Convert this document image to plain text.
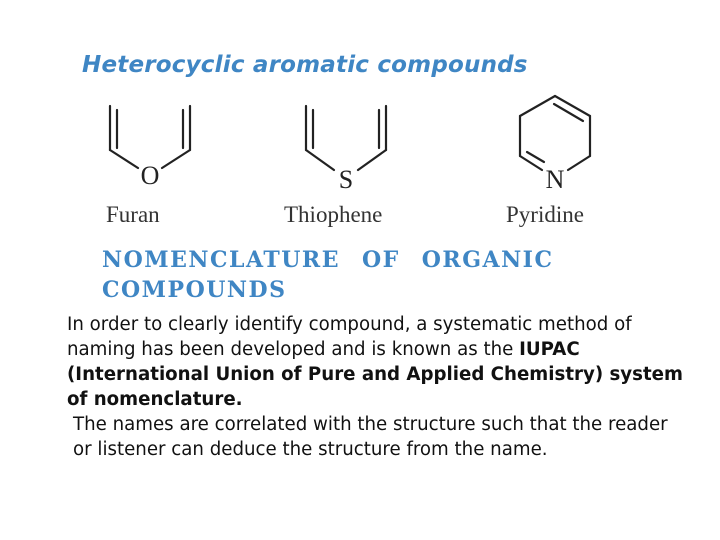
Heterocyclic aromatic compounds
O	S	N
Furan	Thiophene	Pyridine
NOMENCLATURE OF ORGANIC
COMPOUNDS
In order to clearly identify compound, a systematic method of naming has been developed and is known as the IUPAC (International Union of Pure and Applied Chemistry) system of nomenclature.
The names are correlated with the structure such that the reader or listener can deduce the structure from the name.
